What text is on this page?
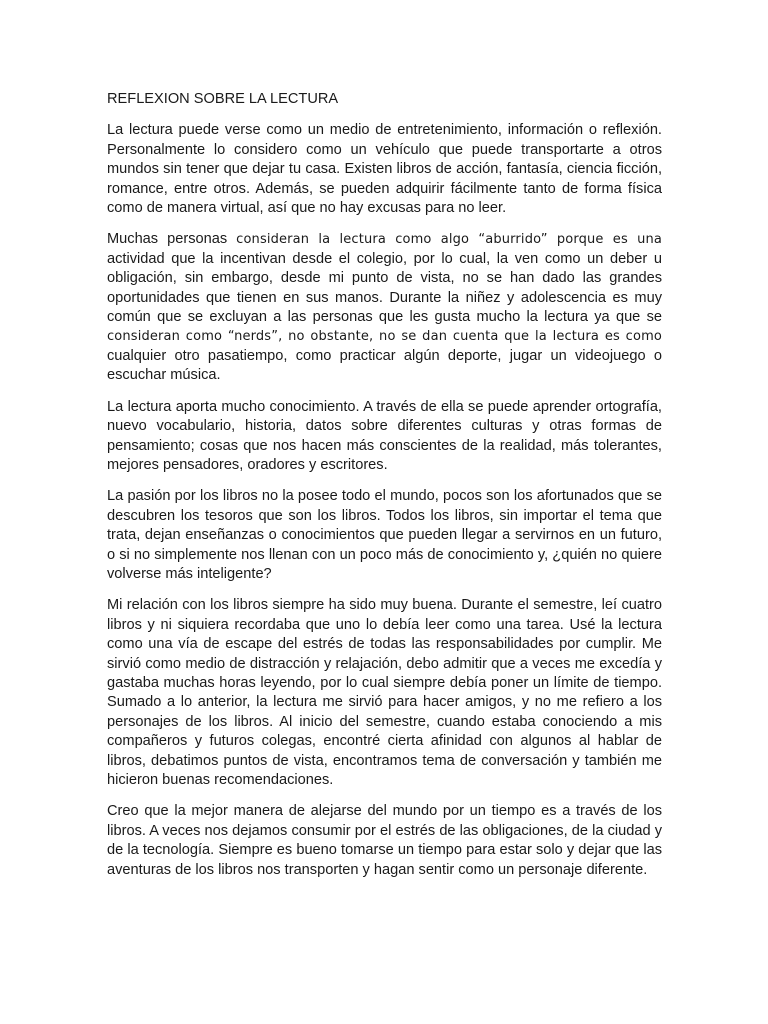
REFLEXION SOBRE LA LECTURA

La lectura puede verse como un medio de entretenimiento, información o reflexión. Personalmente lo considero como un vehículo que puede transportarte a otros mundos sin tener que dejar tu casa. Existen libros de acción, fantasía, ciencia ficción, romance, entre otros. Además, se pueden adquirir fácilmente tanto de forma física como de manera virtual, así que no hay excusas para no leer.

Muchas personas consideran la lectura como algo “aburrido” porque es una actividad que la incentivan desde el colegio, por lo cual, la ven como un deber u obligación, sin embargo, desde mi punto de vista, no se han dado las grandes oportunidades que tienen en sus manos. Durante la niñez y adolescencia es muy común que se excluyan a las personas que les gusta mucho la lectura ya que se consideran como “nerds”, no obstante, no se dan cuenta que la lectura es como cualquier otro pasatiempo, como practicar algún deporte, jugar un videojuego o escuchar música.

La lectura aporta mucho conocimiento. A través de ella se puede aprender ortografía, nuevo vocabulario, historia, datos sobre diferentes culturas y otras formas de pensamiento; cosas que nos hacen más conscientes de la realidad, más tolerantes, mejores pensadores, oradores y escritores.

La pasión por los libros no la posee todo el mundo, pocos son los afortunados que se descubren los tesoros que son los libros. Todos los libros, sin importar el tema que trata, dejan enseñanzas o conocimientos que pueden llegar a servirnos en un futuro, o si no simplemente nos llenan con un poco más de conocimiento y, ¿quién no quiere volverse más inteligente?

Mi relación con los libros siempre ha sido muy buena. Durante el semestre, leí cuatro libros y ni siquiera recordaba que uno lo debía leer como una tarea. Usé la lectura como una vía de escape del estrés de todas las responsabilidades por cumplir. Me sirvió como medio de distracción y relajación, debo admitir que a veces me excedía y gastaba muchas horas leyendo, por lo cual siempre debía poner un límite de tiempo. Sumado a lo anterior, la lectura me sirvió para hacer amigos, y no me refiero a los personajes de los libros. Al inicio del semestre, cuando estaba conociendo a mis compañeros y futuros colegas, encontré cierta afinidad con algunos al hablar de libros, debatimos puntos de vista, encontramos tema de conversación y también me hicieron buenas recomendaciones.

Creo que la mejor manera de alejarse del mundo por un tiempo es a través de los libros. A veces nos dejamos consumir por el estrés de las obligaciones, de la ciudad y de la tecnología. Siempre es bueno tomarse un tiempo para estar solo y dejar que las aventuras de los libros nos transporten y hagan sentir como un personaje diferente.
